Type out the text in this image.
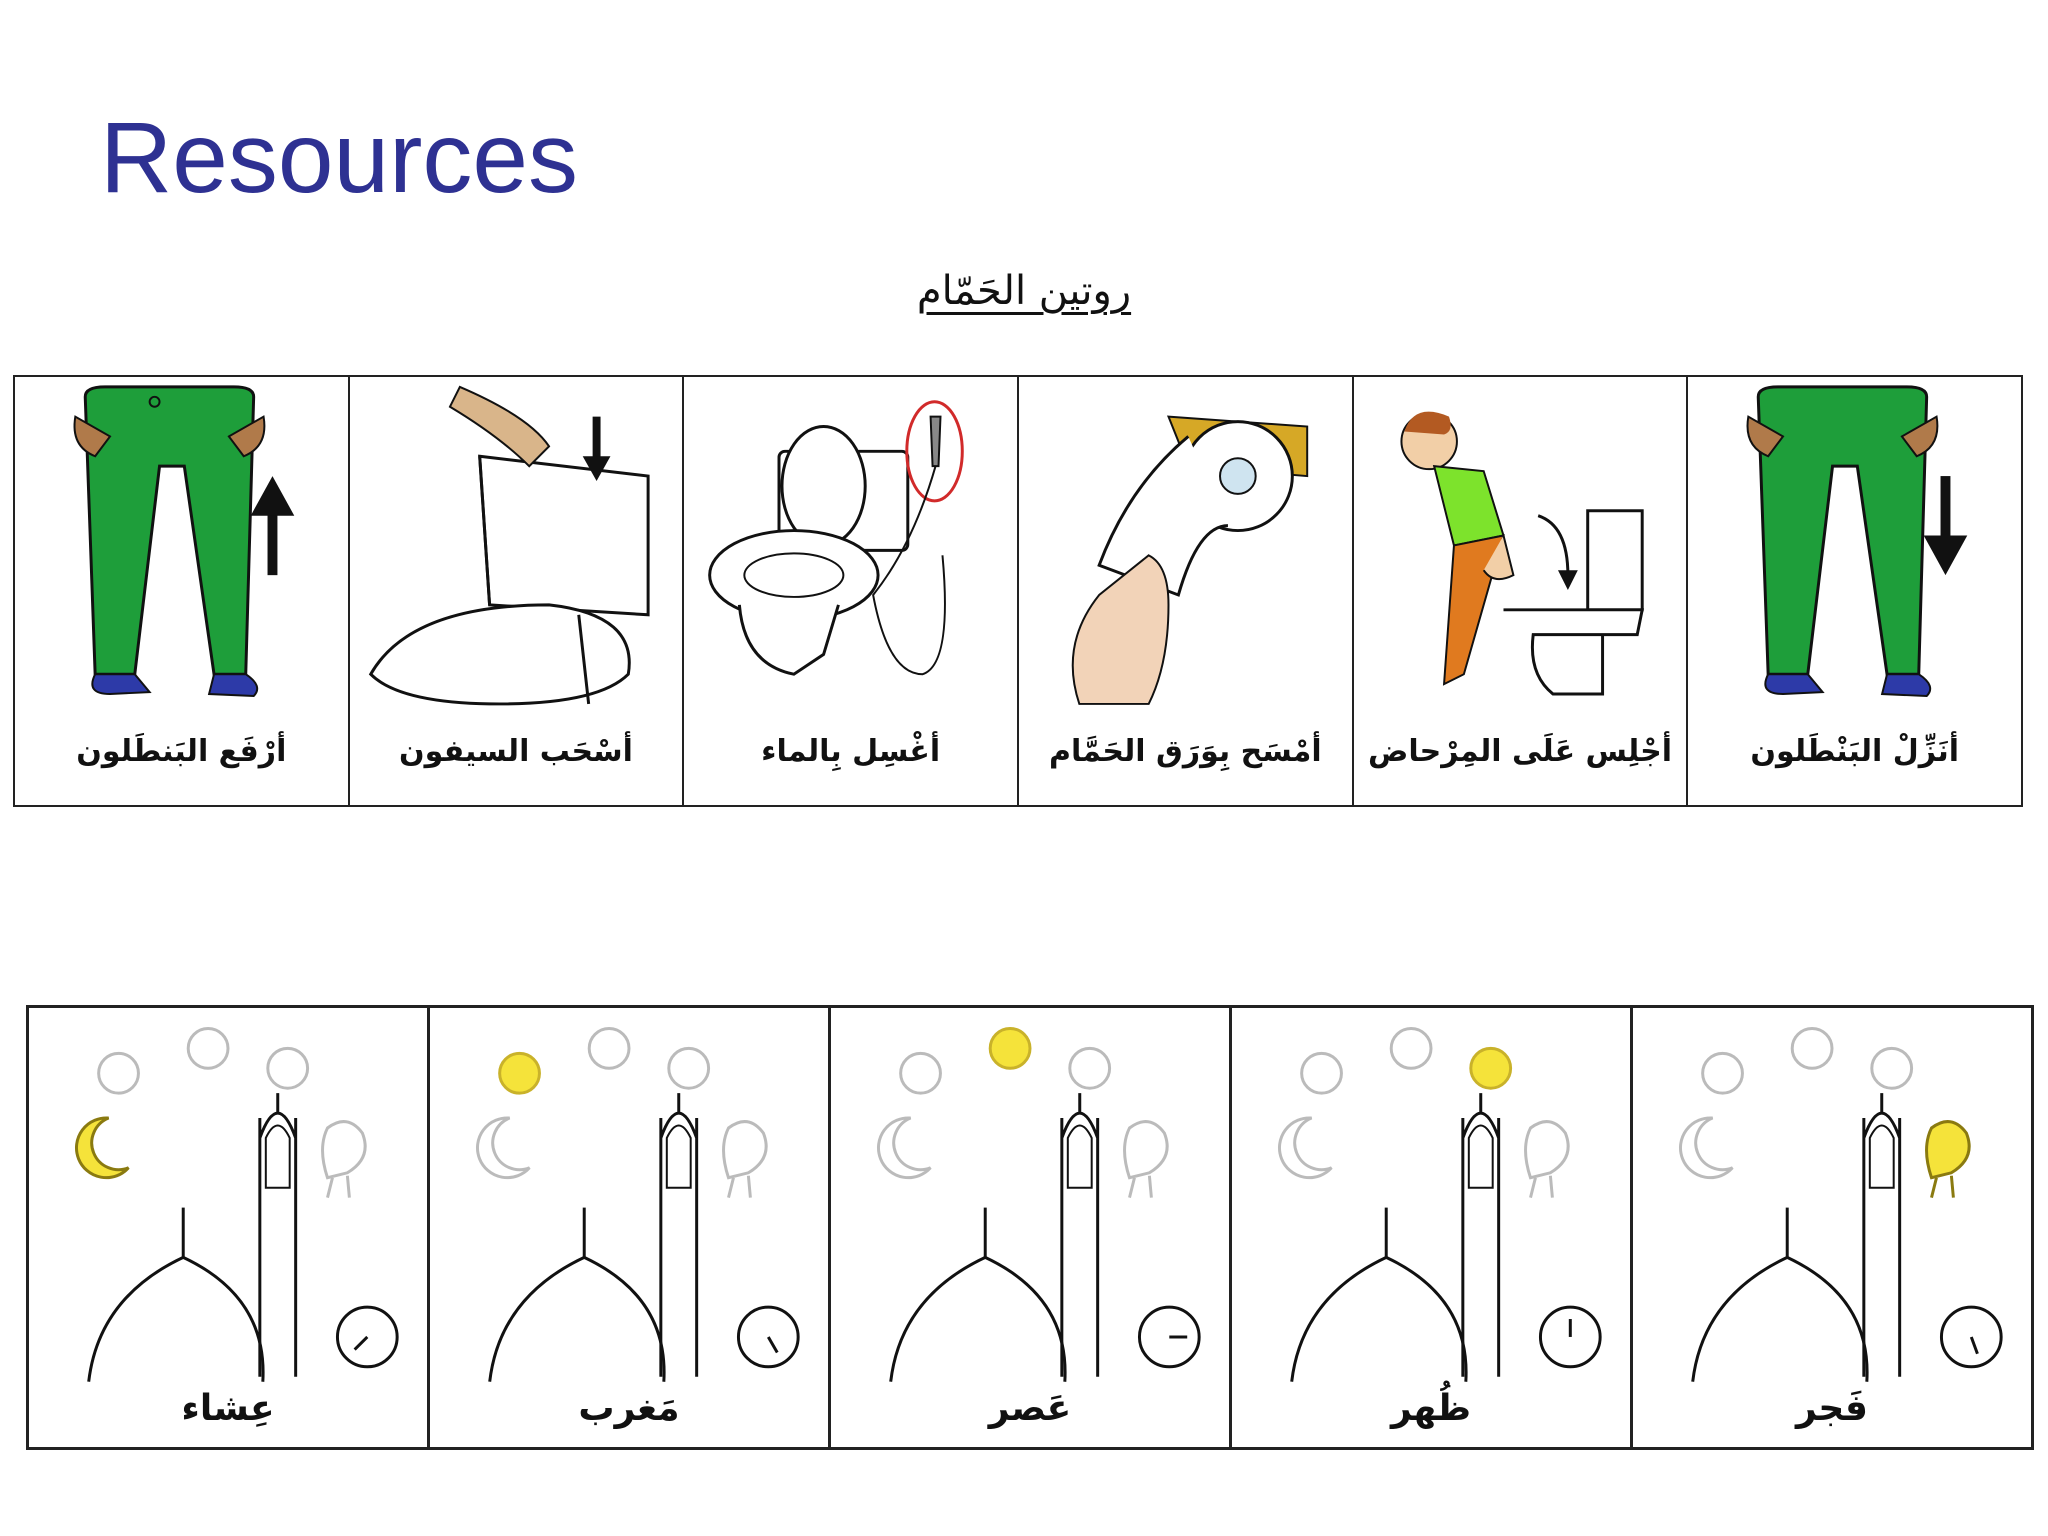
Resources
روتين الحَمّام
أرْفَع البَنطَلون	أسْحَب السيفون	أغْسِل بِالماء	أمْسَح بِوَرَق الحَمَّام	أجْلِس عَلَى المِرْحاض	أنَزِّلْ البَنْطَلون
عِشاء	مَغرب	عَصر	ظُهر	فَجر
